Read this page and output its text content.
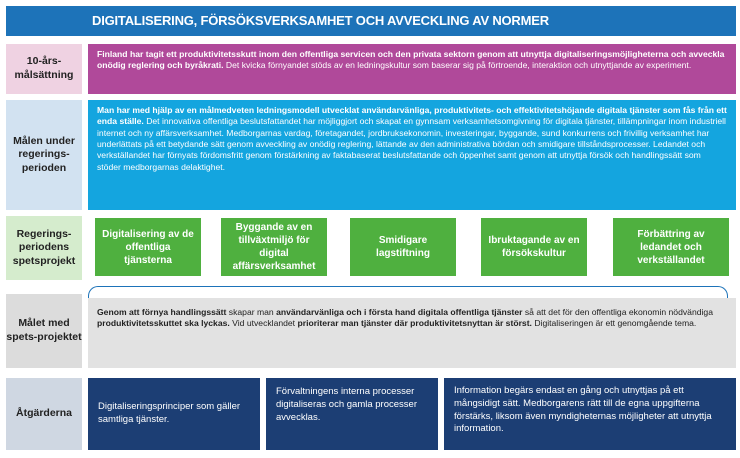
DIGITALISERING, FÖRSÖKSVERKSAMHET OCH AVVECKLING AV NORMER
10-års-målsättning
Finland har tagit ett produktivitetsskutt inom den offentliga servicen och den privata sektorn genom att utnyttja digitaliseringsmöjligheterna och avveckla onödig reglering och byråkrati. Det kvicka förnyandet stöds av en ledningskultur som baserar sig på förtroende, interaktion och utnyttjande av experiment.
Målen under regerings-perioden
Man har med hjälp av en målmedveten ledningsmodell utvecklat användarvänliga, produktivitets- och effektivitetshöjande digitala tjänster som fås från ett enda ställe. Det innovativa offentliga beslutsfattandet har möjliggjort och skapat en gynnsam verksamhetsomgivning för digitala tjänster, tillämpningar inom industriell internet och ny affärsverksamhet. Medborgarnas vardag, företagandet, jordbruksekonomin, investeringar, byggande, sund konkurrens och frivillig verksamhet har underlättats på ett betydande sätt genom avveckling av onödig reglering, lättande av den administrativa bördan och smidigare tillståndsprocesser. Ledandet och verkställandet har förnyats fördomsfritt genom förstärkning av faktabaserat beslutsfattande och öppenhet samt genom att utnyttja försök och handlingssätt som stöder medborgarnas delaktighet.
Regerings-periodens spetsprojekt
Digitalisering av de offentliga tjänsterna
Byggande av en tillväxtmiljö för digital affärsverksamhet
Smidigare lagstiftning
Ibruktagande av en försökskultur
Förbättring av ledandet och verkställandet
Målet med spets-projektet
Genom att förnya handlingssätt skapar man användarvänliga och i första hand digitala offentliga tjänster så att det för den offentliga ekonomin nödvändiga produktivitetsskuttet ska lyckas. Vid utvecklandet prioriterar man tjänster där produktivitetsnyttan är störst. Digitaliseringen är ett genomgående tema.
Åtgärderna
Digitaliseringsprinciper som gäller samtliga tjänster.
Förvaltningens interna processer digitaliseras och gamla processer avvecklas.
Information begärs endast en gång och utnyttjas på ett mångsidigt sätt. Medborgarens rätt till de egna uppgifterna förstärks, liksom även myndigheternas möjligheter att utnyttja information.
